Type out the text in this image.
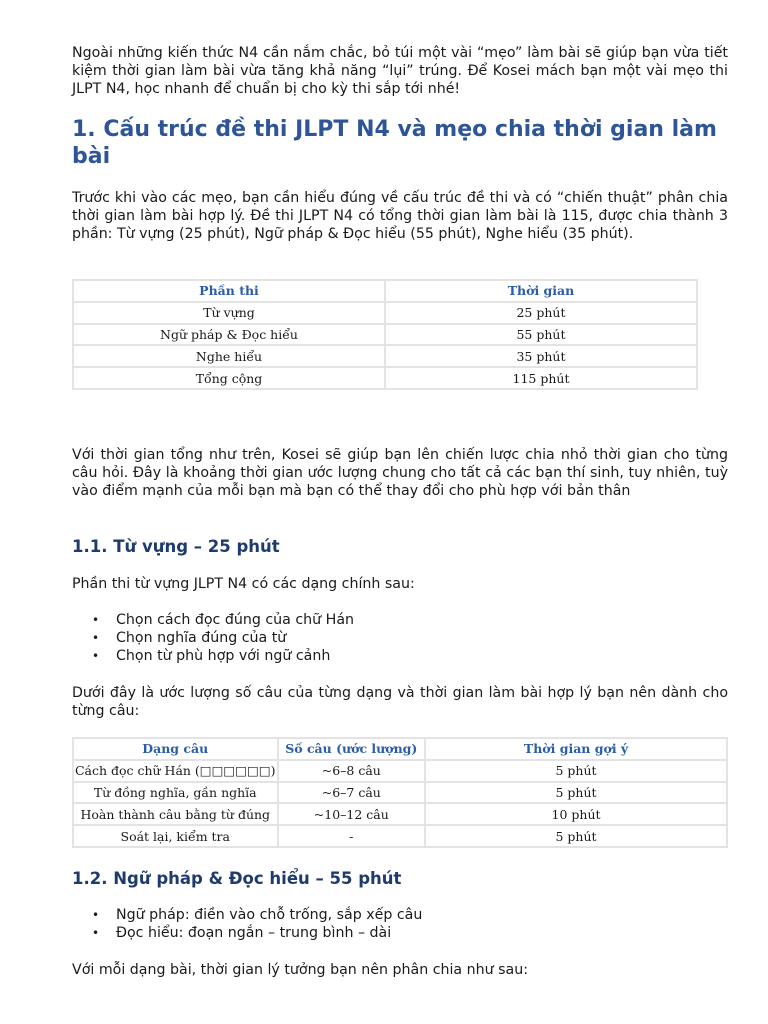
Ngoài những kiến thức N4 cần nắm chắc, bỏ túi một vài “mẹo” làm bài sẽ giúp bạn vừa tiết kiệm thời gian làm bài vừa tăng khả năng “lụi” trúng. Để Kosei mách bạn một vài mẹo thi JLPT N4, học nhanh để chuẩn bị cho kỳ thi sắp tới nhé!

1. Cấu trúc đề thi JLPT N4 và mẹo chia thời gian làm bài

Trước khi vào các mẹo, bạn cần hiểu đúng về cấu trúc đề thi và có “chiến thuật” phân chia thời gian làm bài hợp lý. Đề thi JLPT N4 có tổng thời gian làm bài là 115, được chia thành 3 phần: Từ vựng (25 phút), Ngữ pháp & Đọc hiểu (55 phút), Nghe hiểu (35 phút).

Phần thi	Thời gian
Từ vựng	25 phút
Ngữ pháp & Đọc hiểu	55 phút
Nghe hiểu	35 phút
Tổng cộng	115 phút

Với thời gian tổng như trên, Kosei sẽ giúp bạn lên chiến lược chia nhỏ thời gian cho từng câu hỏi. Đây là khoảng thời gian ước lượng chung cho tất cả các bạn thí sinh, tuy nhiên, tuỳ vào điểm mạnh của mỗi bạn mà bạn có thể thay đổi cho phù hợp với bản thân

1.1. Từ vựng – 25 phút

Phần thi từ vựng JLPT N4 có các dạng chính sau:

• Chọn cách đọc đúng của chữ Hán
• Chọn nghĩa đúng của từ
• Chọn từ phù hợp với ngữ cảnh

Dưới đây là ước lượng số câu của từng dạng và thời gian làm bài hợp lý bạn nên dành cho từng câu:

Dạng câu	Số câu (ước lượng)	Thời gian gợi ý
Cách đọc chữ Hán (□□□□□□)	~6–8 câu	5 phút
Từ đồng nghĩa, gần nghĩa	~6–7 câu	5 phút
Hoàn thành câu bằng từ đúng	~10–12 câu	10 phút
Soát lại, kiểm tra	-	5 phút
1.2. Ngữ pháp & Đọc hiểu – 55 phút
• Ngữ pháp: điền vào chỗ trống, sắp xếp câu
• Đọc hiểu: đoạn ngắn – trung bình – dài

Với mỗi dạng bài, thời gian lý tưởng bạn nên phân chia như sau:
